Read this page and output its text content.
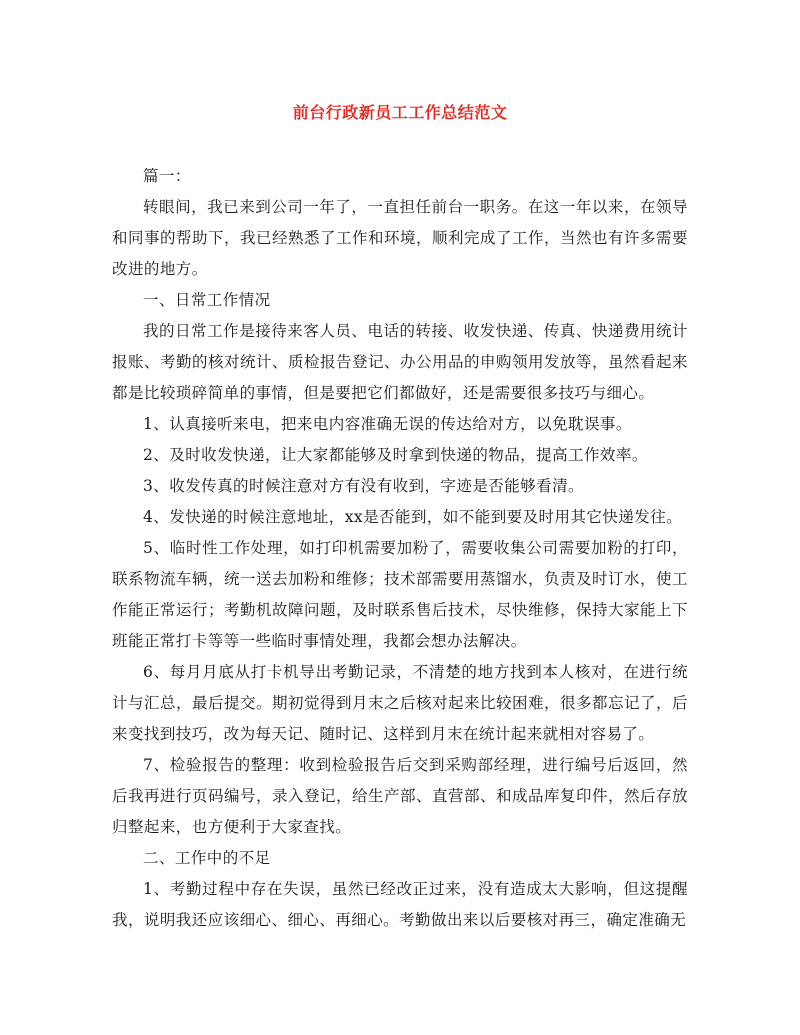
前台行政新员工工作总结范文

篇一：

转眼间，我已来到公司一年了，一直担任前台一职务。在这一年以来，在领导和同事的帮助下，我已经熟悉了工作和环境，顺利完成了工作，当然也有许多需要改进的地方。

一、日常工作情况

我的日常工作是接待来客人员、电话的转接、收发快递、传真、快递费用统计报账、考勤的核对统计、质检报告登记、办公用品的申购领用发放等，虽然看起来都是比较琐碎简单的事情，但是要把它们都做好，还是需要很多技巧与细心。

1、认真接听来电，把来电内容准确无误的传达给对方，以免耽误事。

2、及时收发快递，让大家都能够及时拿到快递的物品，提高工作效率。

3、收发传真的时候注意对方有没有收到，字迹是否能够看清。

4、发快递的时候注意地址，xx是否能到，如不能到要及时用其它快递发往。

5、临时性工作处理，如打印机需要加粉了，需要收集公司需要加粉的打印，联系物流车辆，统一送去加粉和维修；技术部需要用蒸馏水，负责及时订水，使工作能正常运行；考勤机故障问题，及时联系售后技术，尽快维修，保持大家能上下班能正常打卡等等一些临时事情处理，我都会想办法解决。

6、每月月底从打卡机导出考勤记录，不清楚的地方找到本人核对，在进行统计与汇总，最后提交。期初觉得到月末之后核对起来比较困难，很多都忘记了，后来变找到技巧，改为每天记、随时记、这样到月末在统计起来就相对容易了。

7、检验报告的整理：收到检验报告后交到采购部经理，进行编号后返回，然后我再进行页码编号，录入登记，给生产部、直营部、和成品库复印件，然后存放归整起来，也方便利于大家查找。

二、工作中的不足

1、考勤过程中存在失误，虽然已经改正过来，没有造成太大影响，但这提醒我，说明我还应该细心、细心、再细心。考勤做出来以后要核对再三，确定准确无
